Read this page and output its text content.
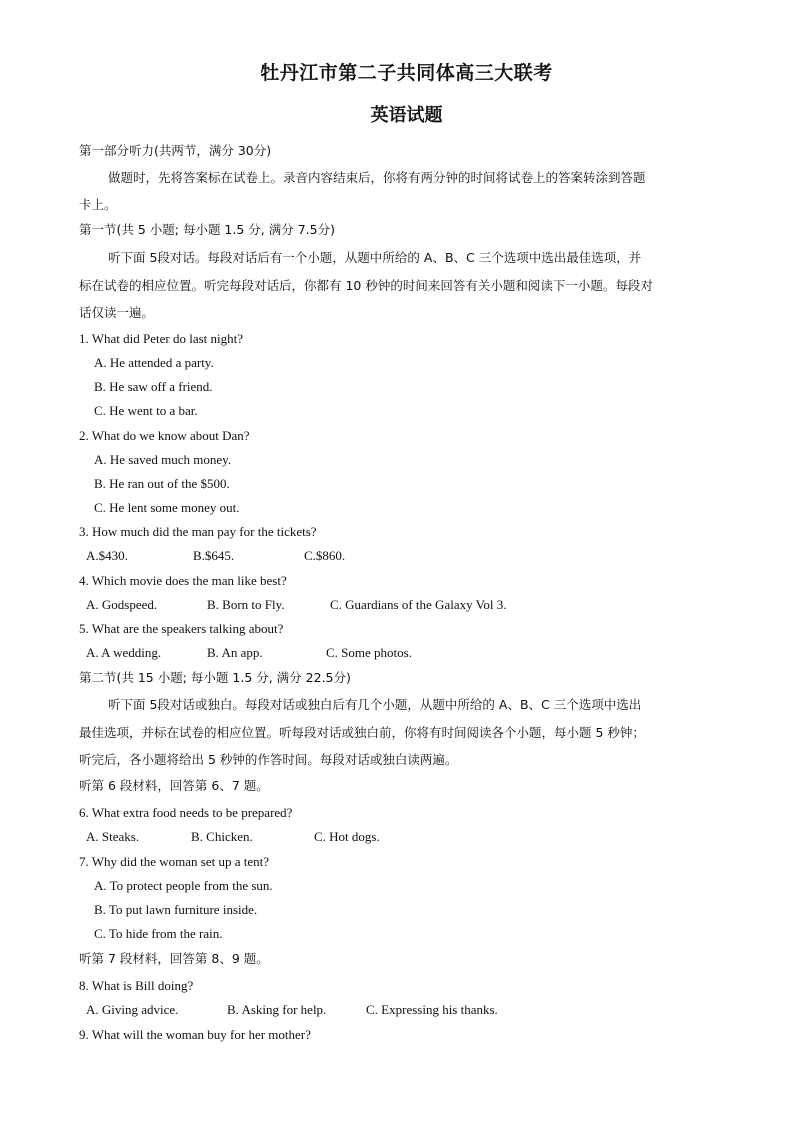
牡丹江市第二子共同体高三大联考
英语试题
第一部分听力(共两节，满分 30分)
做题时，先将答案标在试卷上。录音内容结束后，你将有两分钟的时间将试卷上的答案转涂到答题
卡上。
第一节(共 5 小题; 每小题 1.5 分, 满分 7.5分)
听下面 5段对话。每段对话后有一个小题，从题中所给的 A、B、C 三个选项中选出最佳选项，并
标在试卷的相应位置。听完每段对话后，你都有 10 秒钟的时间来回答有关小题和阅读下一小题。每段对
话仅读一遍。
1. What did Peter do last night?
A. He attended a party.
B. He saw off a friend.
C. He went to a bar.
2. What do we know about Dan?
A. He saved much money.
B. He ran out of the $500.
C. He lent some money out.
3. How much did the man pay for the tickets?
A.$430.	B.$645.	C.$860.
4. Which movie does the man like best?
A. Godspeed.	B. Born to Fly.	C. Guardians of the Galaxy Vol 3.
5. What are the speakers talking about?
A. A wedding.	B. An app.	C. Some photos.
第二节(共 15 小题; 每小题 1.5 分, 满分 22.5分)
听下面 5段对话或独白。每段对话或独白后有几个小题，从题中所给的 A、B、C 三个选项中选出
最佳选项，并标在试卷的相应位置。听每段对话或独白前，你将有时间阅读各个小题，每小题 5 秒钟；
听完后，各小题将给出 5 秒钟的作答时间。每段对话或独白读两遍。
听第 6 段材料，回答第 6、7 题。
6. What extra food needs to be prepared?
A. Steaks.	B. Chicken.	C. Hot dogs.
7. Why did the woman set up a tent?
A. To protect people from the sun.
B. To put lawn furniture inside.
C. To hide from the rain.
听第 7 段材料，回答第 8、9 题。
8. What is Bill doing?
A. Giving advice.	B. Asking for help.	C. Expressing his thanks.
9. What will the woman buy for her mother?
